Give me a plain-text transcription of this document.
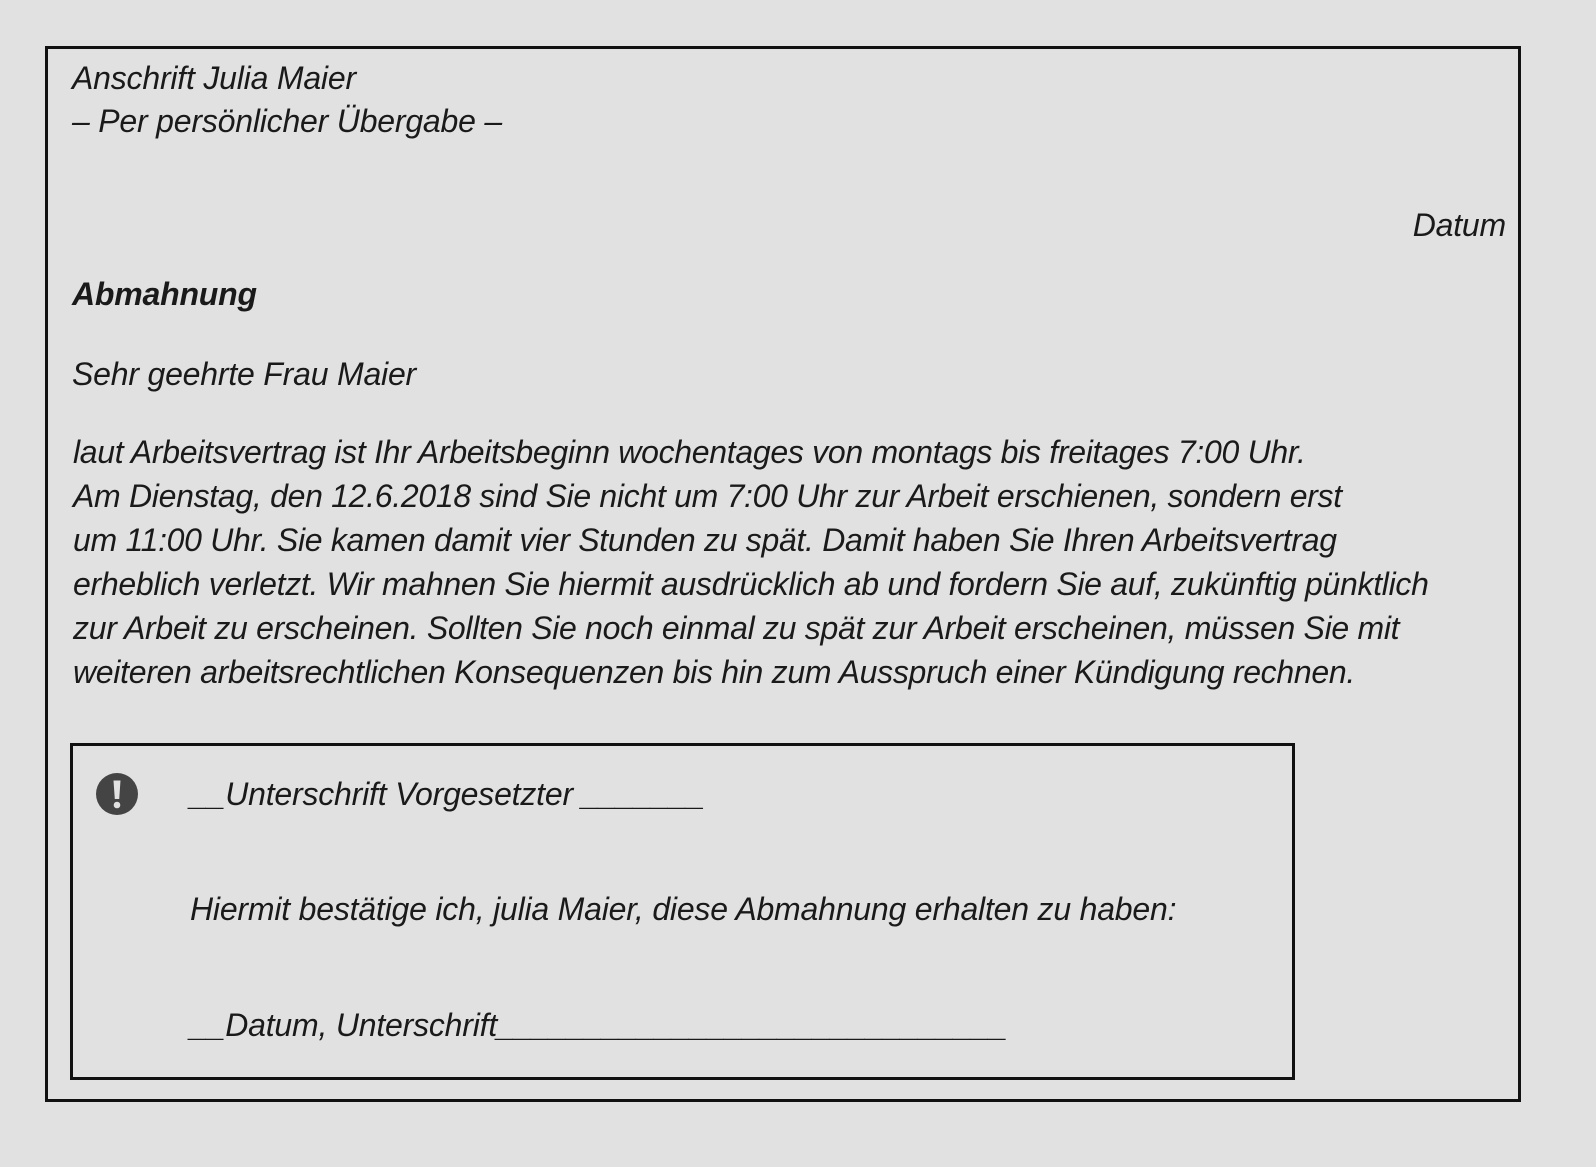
Anschrift Julia Maier
– Per persönlicher Übergabe –
Datum
Abmahnung
Sehr geehrte Frau Maier
laut Arbeitsvertrag ist Ihr Arbeitsbeginn wochentages von montags bis freitages 7:00 Uhr.
Am Dienstag, den 12.6.2018 sind Sie nicht um 7:00 Uhr zur Arbeit erschienen, sondern erst
um 11:00 Uhr. Sie kamen damit vier Stunden zu spät. Damit haben Sie Ihren Arbeitsvertrag
erheblich verletzt. Wir mahnen Sie hiermit ausdrücklich ab und fordern Sie auf, zukünftig pünktlich
zur Arbeit zu erscheinen. Sollten Sie noch einmal zu spät zur Arbeit erscheinen, müssen Sie mit
weiteren arbeitsrechtlichen Konsequenzen bis hin zum Ausspruch einer Kündigung rechnen.
__Unterschrift Vorgesetzter _______
Hiermit bestätige ich, julia Maier, diese Abmahnung erhalten zu haben:
__Datum, Unterschrift_____________________________
